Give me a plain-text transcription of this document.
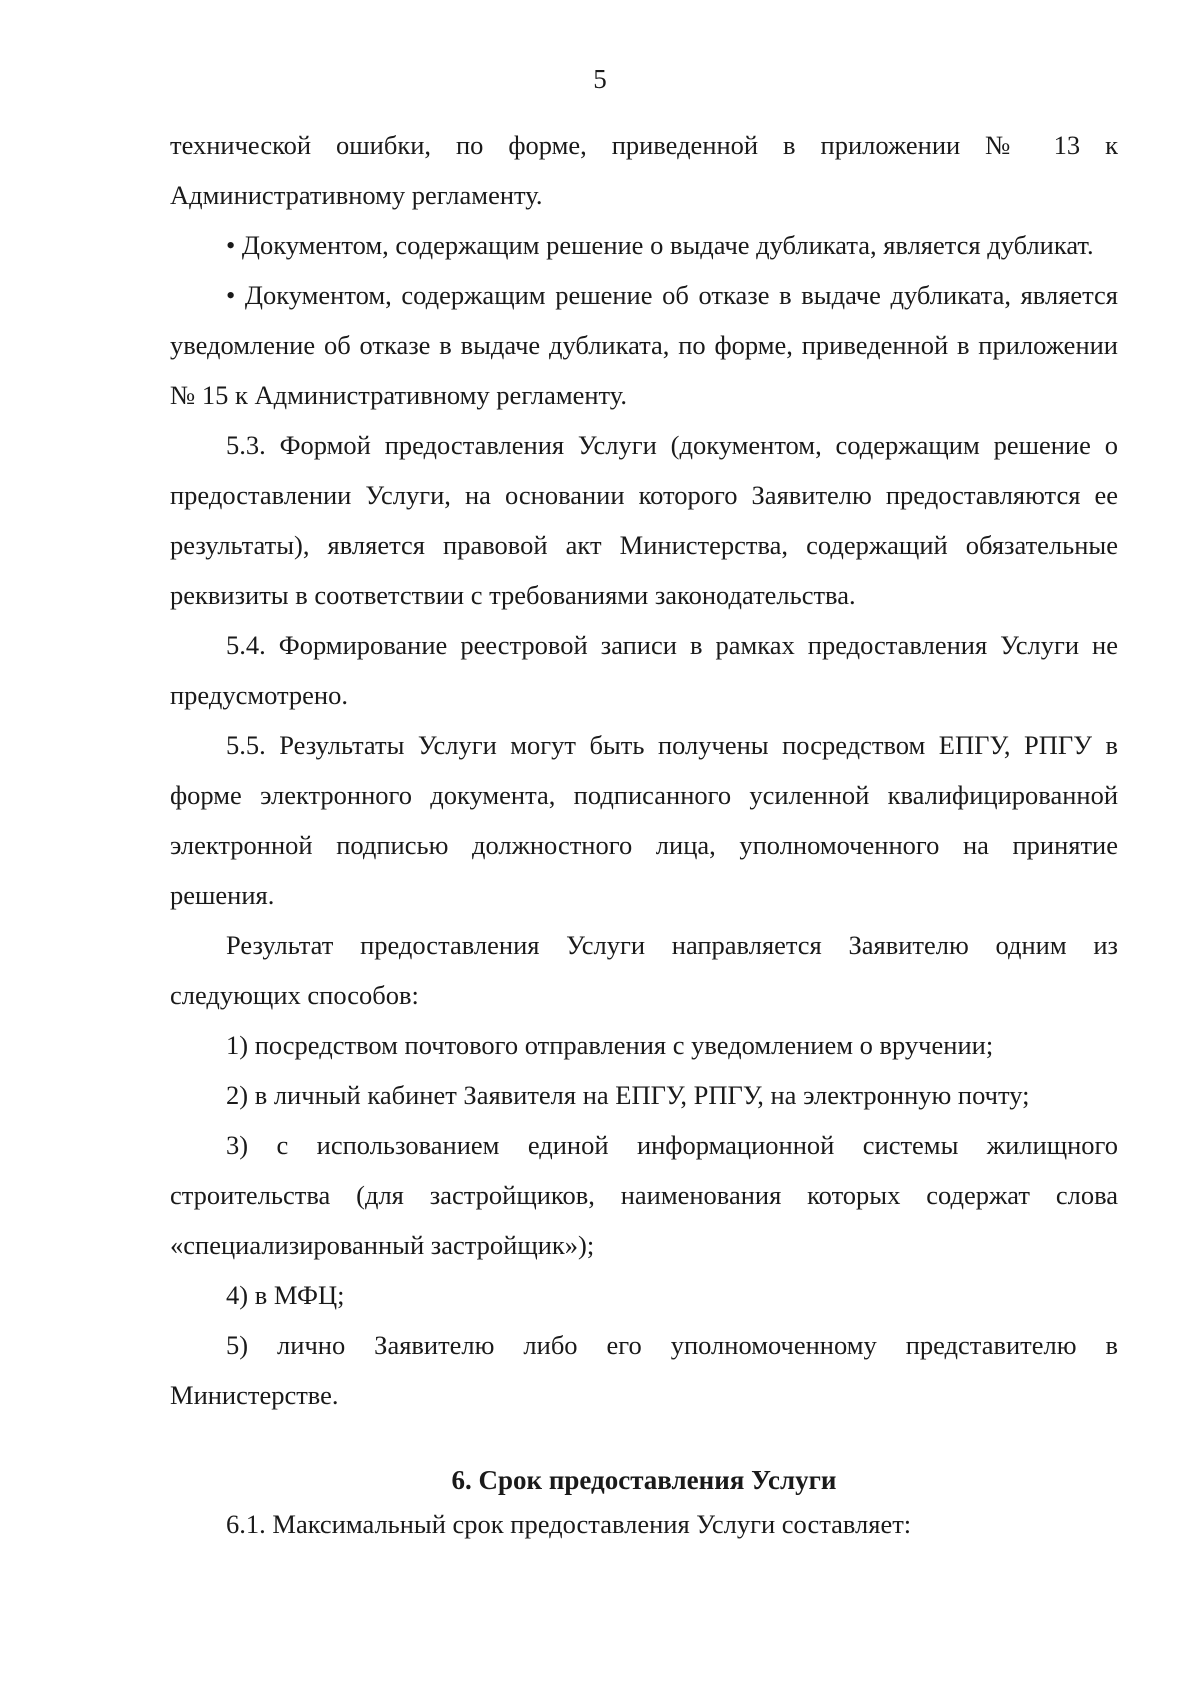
5

технической ошибки, по форме, приведенной в приложении № 13 к Административному регламенту.

• Документом, содержащим решение о выдаче дубликата, является дубликат.

• Документом, содержащим решение об отказе в выдаче дубликата, является уведомление об отказе в выдаче дубликата, по форме, приведенной в приложении № 15 к Административному регламенту.

5.3. Формой предоставления Услуги (документом, содержащим решение о предоставлении Услуги, на основании которого Заявителю предоставляются ее результаты), является правовой акт Министерства, содержащий обязательные реквизиты в соответствии с требованиями законодательства.

5.4. Формирование реестровой записи в рамках предоставления Услуги не предусмотрено.

5.5. Результаты Услуги могут быть получены посредством ЕПГУ, РПГУ в форме электронного документа, подписанного усиленной квалифицированной электронной подписью должностного лица, уполномоченного на принятие решения.

Результат предоставления Услуги направляется Заявителю одним из следующих способов:

1) посредством почтового отправления с уведомлением о вручении;

2) в личный кабинет Заявителя на ЕПГУ, РПГУ, на электронную почту;

3) с использованием единой информационной системы жилищного строительства (для застройщиков, наименования которых содержат слова «специализированный застройщик»);

4) в МФЦ;

5) лично Заявителю либо его уполномоченному представителю в Министерстве.

6. Срок предоставления Услуги

6.1. Максимальный срок предоставления Услуги составляет:
